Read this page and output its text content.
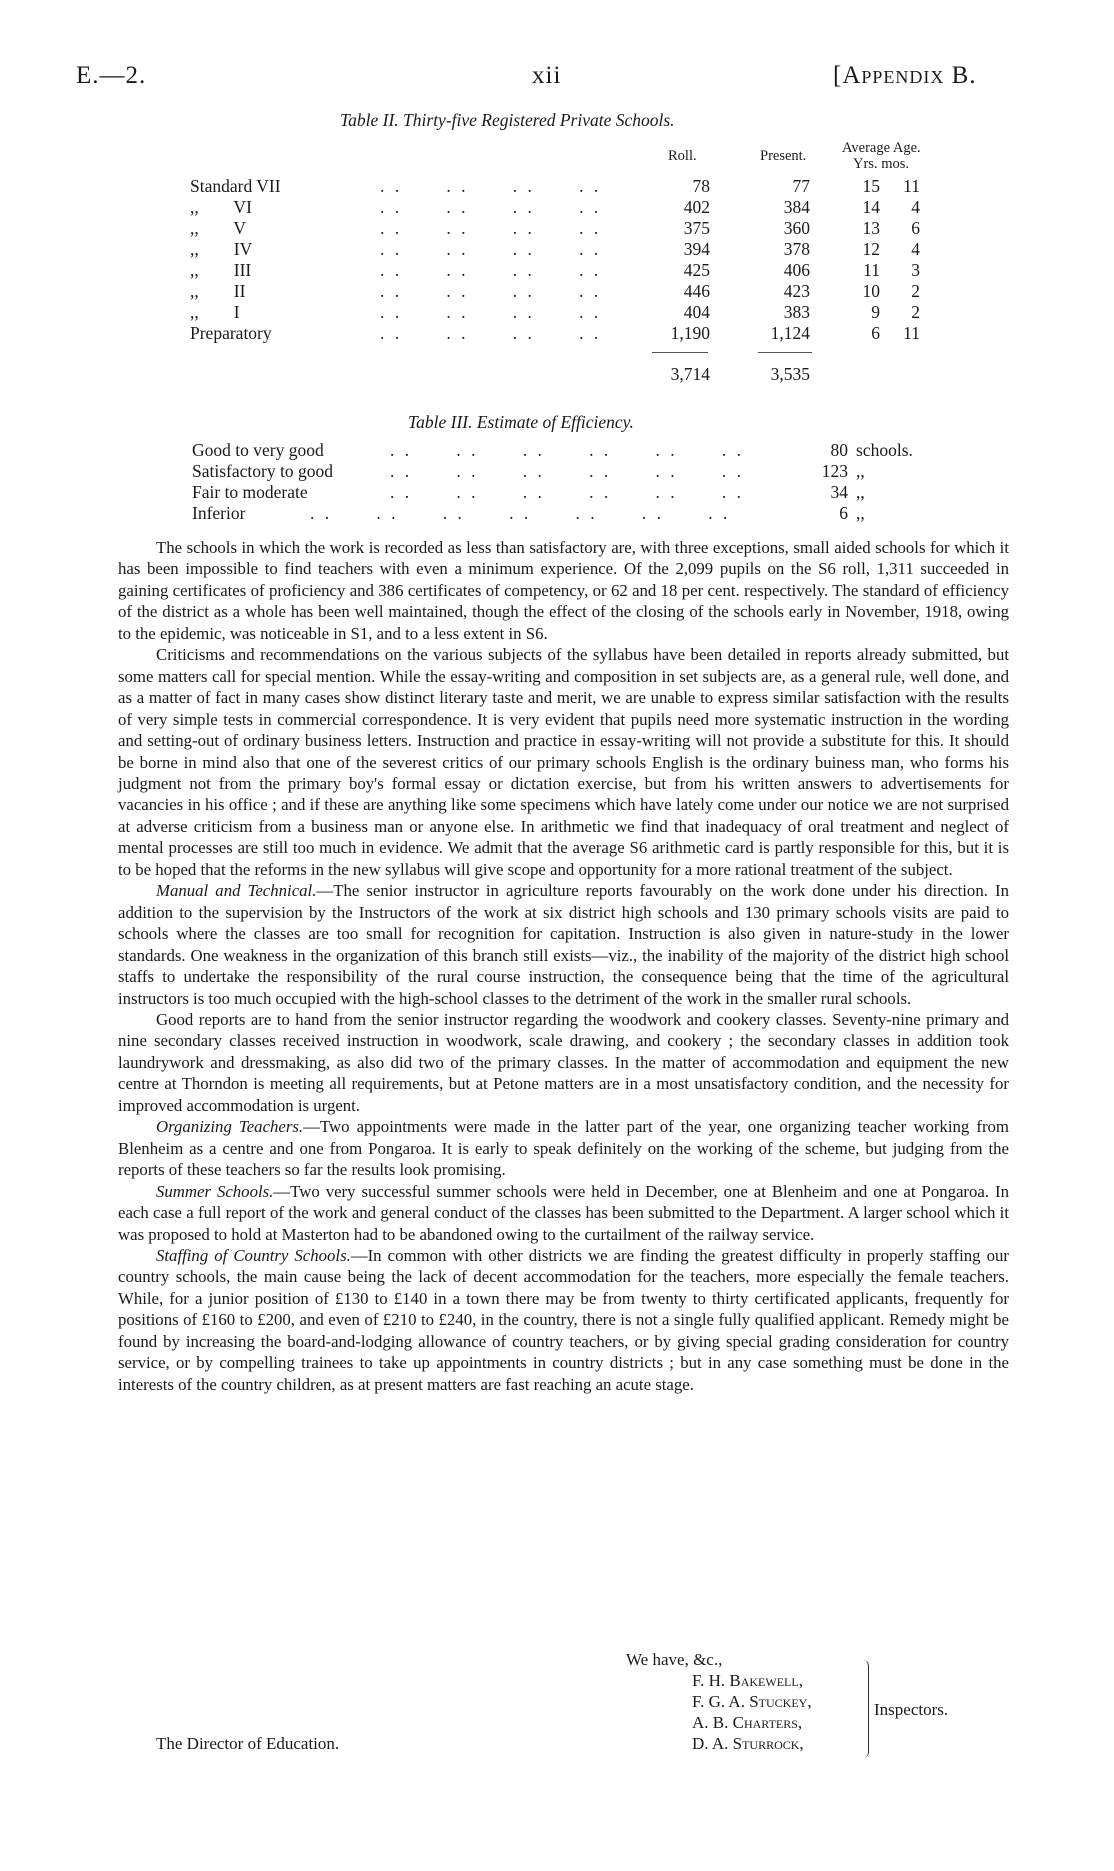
E.—2.	xii	[Appendix B.
Table II. Thirty-five Registered Private Schools.
Roll.	Present. Average Age.
Yrs. mos.
Standard VII	. .      . .      . .      . .	78	77	15	11
,,        VI	. .      . .      . .      . .	402	384	14	4
,,        V	. .      . .      . .      . .	375	360	13	6
,,        IV	. .      . .      . .      . .	394	378	12	4
,,        III	. .      . .      . .      . .	425	406	11	3
,,        II	. .      . .      . .      . .	446	423	10	2
,,        I	. .      . .      . .      . .	404	383	9	2
Preparatory	. .      . .      . .      . .	1,190	1,124	6	11
3,714	3,535
Table III. Estimate of Efficiency.
Good to very good	. .      . .      . .      . .      . .      . .	80 schools.
Satisfactory to good	. .      . .      . .      . .      . .      . .	123 ,,
Fair to moderate	. .      . .      . .      . .      . .      . .	34 ,,
Inferior	. .      . .      . .      . .      . .      . .      . .	6 ,,

The schools in which the work is recorded as less than satisfactory are, with three exceptions, small aided schools for which it has been impossible to find teachers with even a minimum experience. Of the 2,099 pupils on the S6 roll, 1,311 succeeded in gaining certificates of proficiency and 386 certificates of competency, or 62 and 18 per cent. respectively. The standard of efficiency of the district as a whole has been well maintained, though the effect of the closing of the schools early in November, 1918, owing to the epidemic, was noticeable in S1, and to a less extent in S6.

Criticisms and recommendations on the various subjects of the syllabus have been detailed in reports already submitted, but some matters call for special mention. While the essay-writing and composition in set subjects are, as a general rule, well done, and as a matter of fact in many cases show distinct literary taste and merit, we are unable to express similar satisfaction with the results of very simple tests in commercial correspondence. It is very evident that pupils need more systematic instruction in the wording and setting-out of ordinary business letters. Instruction and practice in essay-writing will not provide a substitute for this. It should be borne in mind also that one of the severest critics of our primary schools English is the ordinary buiness man, who forms his judgment not from the primary boy's formal essay or dictation exercise, but from his written answers to advertisements for vacancies in his office ; and if these are anything like some specimens which have lately come under our notice we are not surprised at adverse criticism from a business man or anyone else. In arithmetic we find that inadequacy of oral treatment and neglect of mental processes are still too much in evidence. We admit that the average S6 arithmetic card is partly responsible for this, but it is to be hoped that the reforms in the new syllabus will give scope and opportunity for a more rational treatment of the subject.

Manual and Technical.—The senior instructor in agriculture reports favourably on the work done under his direction. In addition to the supervision by the Instructors of the work at six district high schools and 130 primary schools visits are paid to schools where the classes are too small for recognition for capitation. Instruction is also given in nature-study in the lower standards. One weakness in the organization of this branch still exists—viz., the inability of the majority of the district high school staffs to undertake the responsibility of the rural course instruction, the consequence being that the time of the agricultural instructors is too much occupied with the high-school classes to the detriment of the work in the smaller rural schools.

Good reports are to hand from the senior instructor regarding the woodwork and cookery classes. Seventy-nine primary and nine secondary classes received instruction in woodwork, scale drawing, and cookery ; the secondary classes in addition took laundrywork and dressmaking, as also did two of the primary classes. In the matter of accommodation and equipment the new centre at Thorndon is meeting all requirements, but at Petone matters are in a most unsatisfactory condition, and the necessity for improved accommodation is urgent.

Organizing Teachers.—Two appointments were made in the latter part of the year, one organizing teacher working from Blenheim as a centre and one from Pongaroa. It is early to speak definitely on the working of the scheme, but judging from the reports of these teachers so far the results look promising.

Summer Schools.—Two very successful summer schools were held in December, one at Blenheim and one at Pongaroa. In each case a full report of the work and general conduct of the classes has been submitted to the Department. A larger school which it was proposed to hold at Masterton had to be abandoned owing to the curtailment of the railway service.

Staffing of Country Schools.—In common with other districts we are finding the greatest difficulty in properly staffing our country schools, the main cause being the lack of decent accommodation for the teachers, more especially the female teachers. While, for a junior position of £130 to £140 in a town there may be from twenty to thirty certificated applicants, frequently for positions of £160 to £200, and even of £210 to £240, in the country, there is not a single fully qualified applicant. Remedy might be found by increasing the board-and-lodging allowance of country teachers, or by giving special grading consideration for country service, or by compelling trainees to take up appointments in country districts ; but in any case something must be done in the interests of the country children, as at present matters are fast reaching an acute stage.

We have, &c.,
F. H. Bakewell,
F. G. A. Stuckey,
A. B. Charters,
D. A. Sturrock,
Inspectors.
The Director of Education.
